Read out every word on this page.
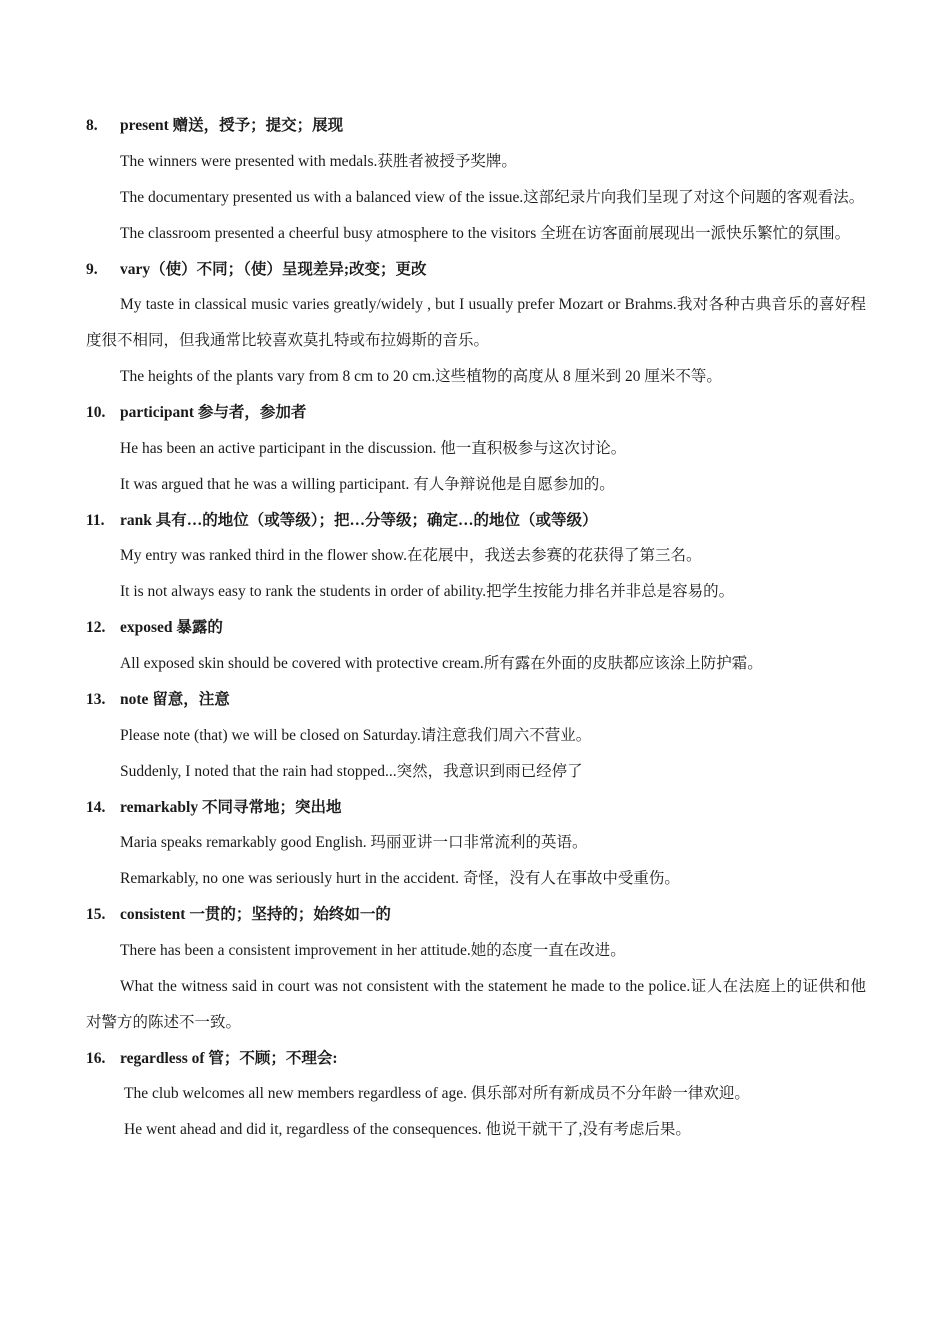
8. present 赠送，授予；提交；展现
The winners were presented with medals.获胜者被授予奖牌。
The documentary presented us with a balanced view of the issue.这部纪录片向我们呈现了对这个问题的客观看法。
The classroom presented a cheerful busy atmosphere to the visitors 全班在访客面前展现出一派快乐繁忙的氛围。
9. vary（使）不同；（使）呈现差异;改变；更改
My taste in classical music varies greatly/widely , but I usually prefer Mozart or Brahms.我对各种古典音乐的喜好程度很不相同，但我通常比较喜欢莫扎特或布拉姆斯的音乐。
The heights of the plants vary from 8 cm to 20 cm.这些植物的高度从 8 厘米到 20 厘米不等。
10. participant 参与者，参加者
He has been an active participant in the discussion. 他一直积极参与这次讨论。
It was argued that he was a willing participant. 有人争辩说他是自愿参加的。
11. rank 具有…的地位（或等级）；把…分等级；确定…的地位（或等级）
My entry was ranked third in the flower show.在花展中，我送去参赛的花获得了第三名。
It is not always easy to rank the students in order of ability.把学生按能力排名并非总是容易的。
12. exposed 暴露的
All exposed skin should be covered with protective cream.所有露在外面的皮肤都应该涂上防护霜。
13. note 留意，注意
Please note (that) we will be closed on Saturday.请注意我们周六不营业。
Suddenly, I noted that the rain had stopped...突然，我意识到雨已经停了
14. remarkably 不同寻常地；突出地
Maria speaks remarkably good English. 玛丽亚讲一口非常流利的英语。
Remarkably, no one was seriously hurt in the accident. 奇怪，没有人在事故中受重伤。
15. consistent 一贯的；坚持的；始终如一的
There has been a consistent improvement in her attitude.她的态度一直在改进。
What the witness said in court was not consistent with the statement he made to the police.证人在法庭上的证供和他对警方的陈述不一致。
16. regardless of 管；不顾；不理会:
The club welcomes all new members regardless of age. 俱乐部对所有新成员不分年龄一律欢迎。
He went ahead and did it, regardless of the consequences. 他说干就干了,没有考虑后果。
